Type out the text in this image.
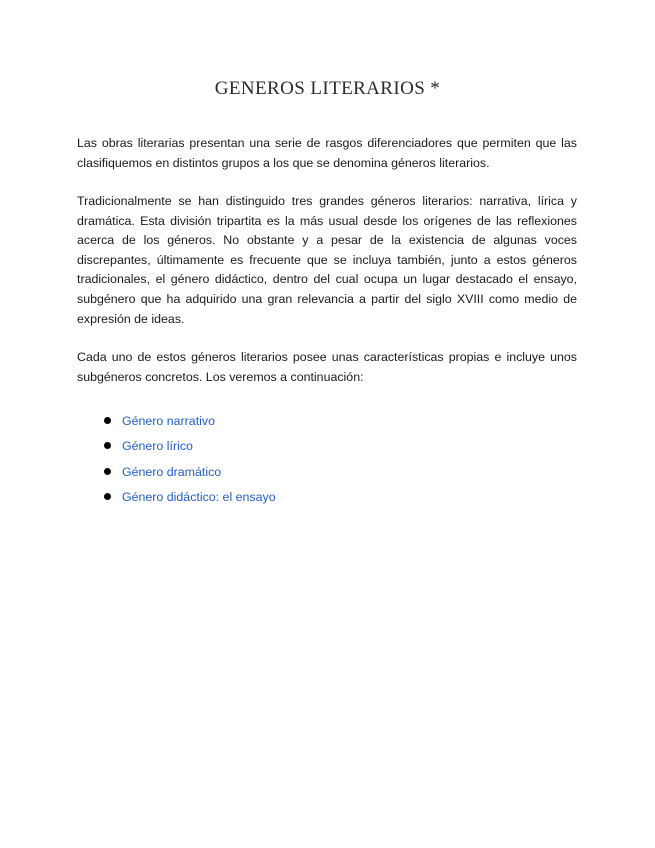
GENEROS LITERARIOS *

Las obras literarias presentan una serie de rasgos diferenciadores que permiten que las clasifiquemos en distintos grupos a los que se denomina géneros literarios.

Tradicionalmente se han distinguido tres grandes géneros literarios: narrativa, lírica y dramática. Esta división tripartita es la más usual desde los orígenes de las reflexiones acerca de los géneros. No obstante y a pesar de la existencia de algunas voces discrepantes, últimamente es frecuente que se incluya también, junto a estos géneros tradicionales, el género didáctico, dentro del cual ocupa un lugar destacado el ensayo, subgénero que ha adquirido una gran relevancia a partir del siglo XVIII como medio de expresión de ideas.

Cada uno de estos géneros literarios posee unas características propias e incluye unos subgéneros concretos. Los veremos a continuación:

Género narrativo
Género lírico
Género dramático
Género didáctico: el ensayo
